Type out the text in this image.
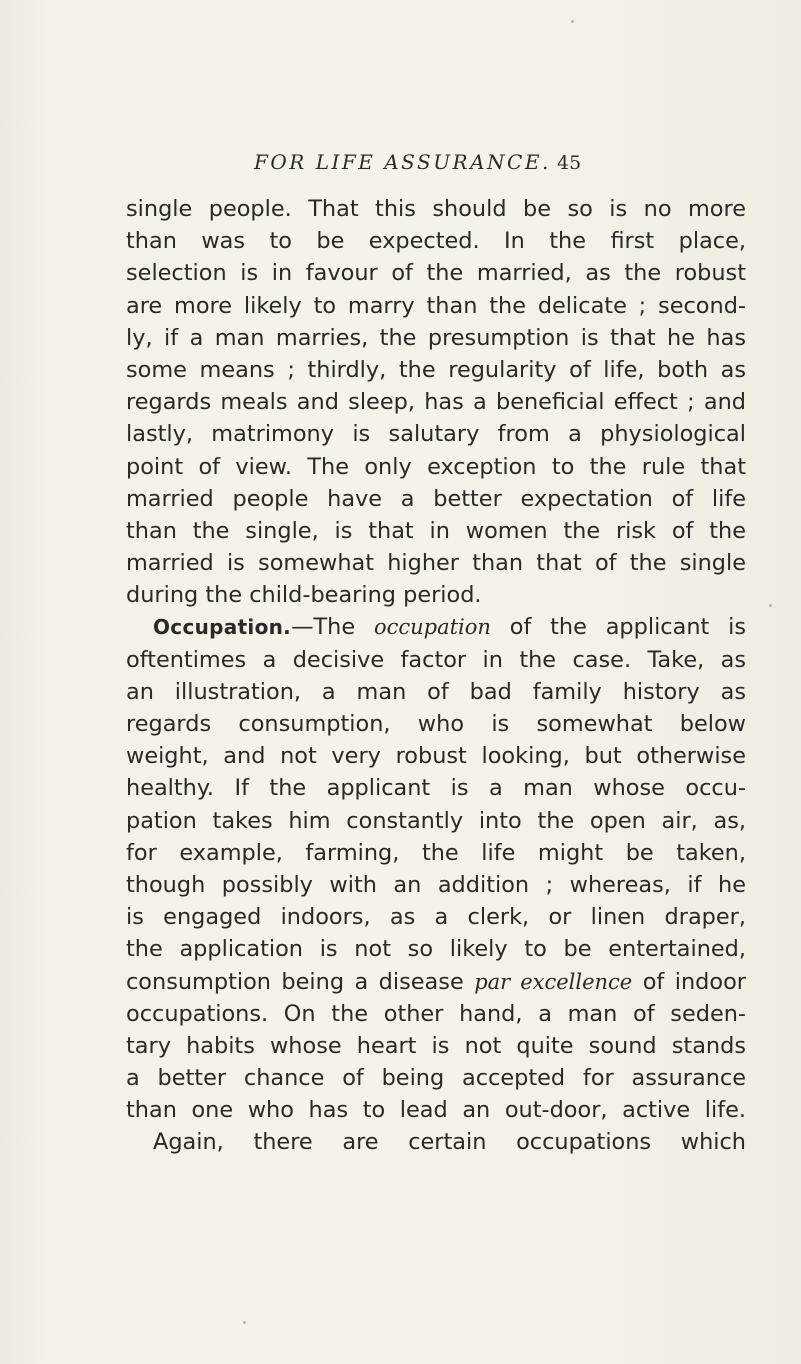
FOR LIFE ASSURANCE. 45
single people. That this should be so is no more
than was to be expected. In the first place,
selection is in favour of the married, as the robust
are more likely to marry than the delicate ; second-
ly, if a man marries, the presumption is that he has
some means ; thirdly, the regularity of life, both as
regards meals and sleep, has a beneficial effect ; and
lastly, matrimony is salutary from a physiological
point of view. The only exception to the rule that
married people have a better expectation of life
than the single, is that in women the risk of the
married is somewhat higher than that of the single
during the child-bearing period.
Occupation.—The occupation of the applicant is
oftentimes a decisive factor in the case. Take, as
an illustration, a man of bad family history as
regards consumption, who is somewhat below
weight, and not very robust looking, but otherwise
healthy. If the applicant is a man whose occu-
pation takes him constantly into the open air, as,
for example, farming, the life might be taken,
though possibly with an addition ; whereas, if he
is engaged indoors, as a clerk, or linen draper,
the application is not so likely to be entertained,
consumption being a disease par excellence of indoor
occupations. On the other hand, a man of seden-
tary habits whose heart is not quite sound stands
a better chance of being accepted for assurance
than one who has to lead an out-door, active life.
Again, there are certain occupations which
